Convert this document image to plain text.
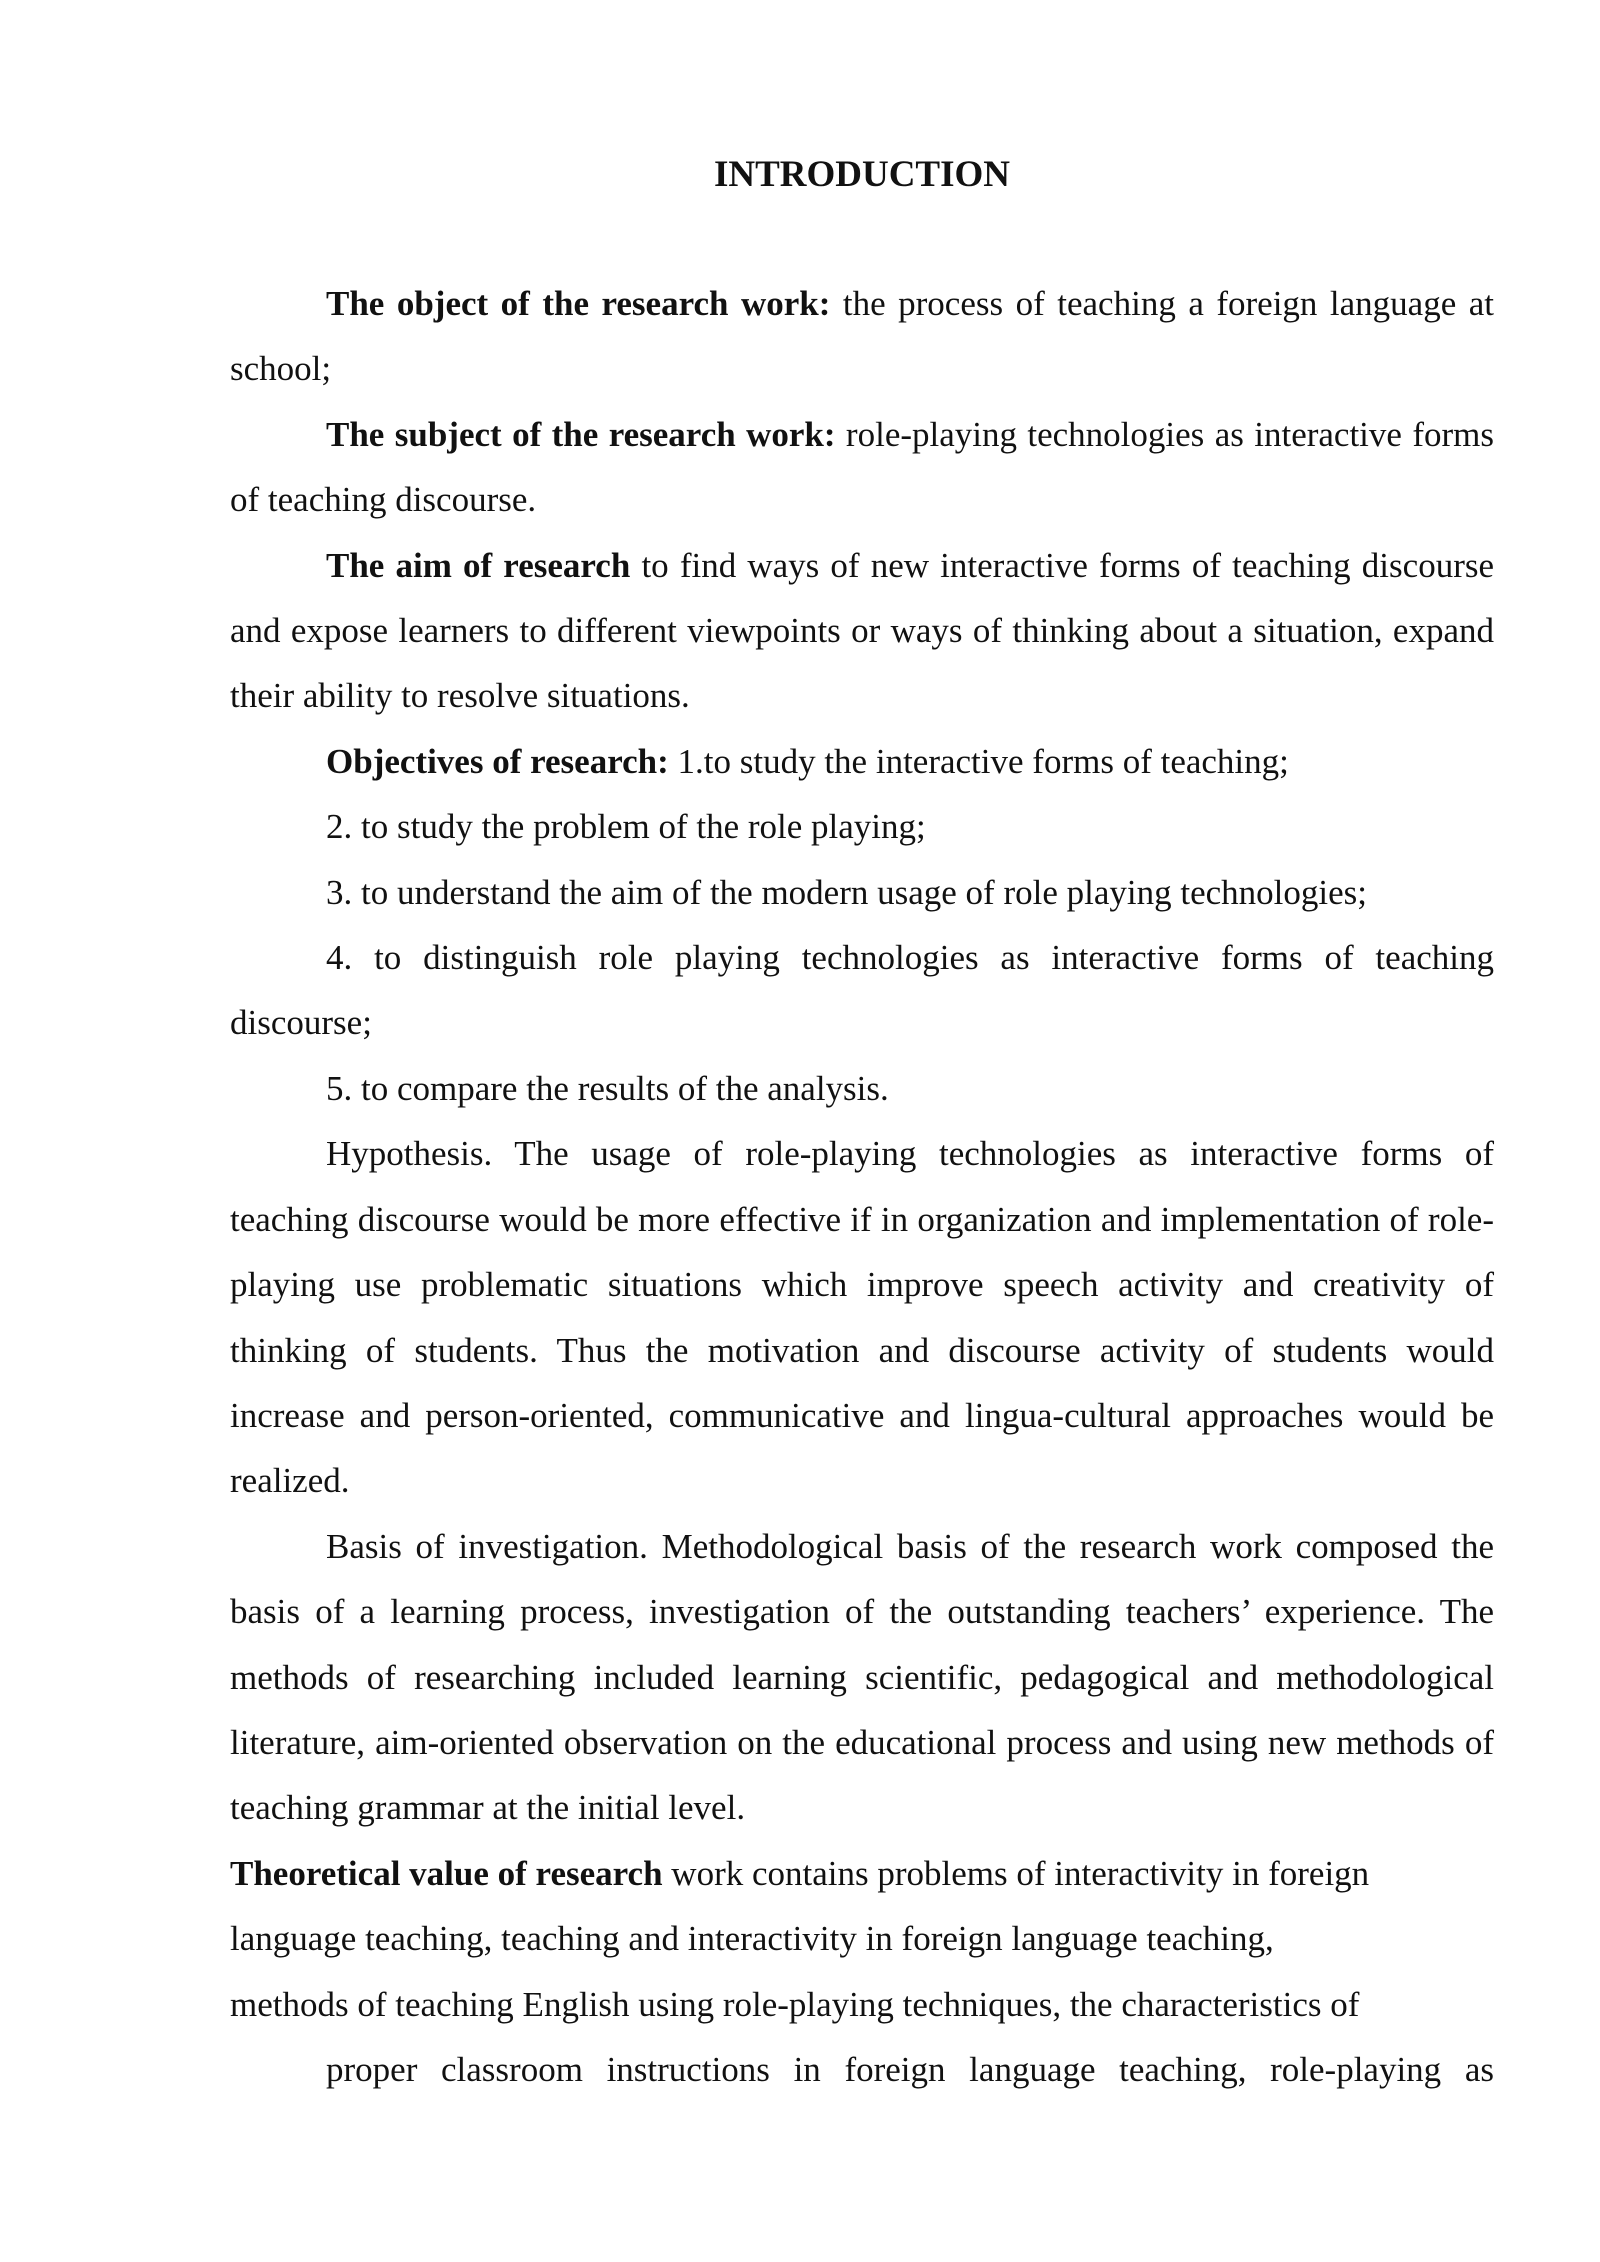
INTRODUCTION

The object of the research work: the process of teaching a foreign language at school;

The subject of the research work: role-playing technologies as interactive forms of teaching discourse.

The aim of research to find ways of new interactive forms of teaching discourse and expose learners to different viewpoints or ways of thinking about a situation, expand their ability to resolve situations.

Objectives of research: 1.to study the interactive forms of teaching;

2. to study the problem of the role playing;

3. to understand the aim of the modern usage of role playing technologies;

4. to distinguish role playing technologies as interactive forms of teaching discourse;

5. to compare the results of the analysis.

Hypothesis. The usage of role-playing technologies as interactive forms of teaching discourse would be more effective if in organization and implementation of role-playing use problematic situations which improve speech activity and creativity of thinking of students. Thus the motivation and discourse activity of students would increase and person-oriented, communicative and lingua-cultural approaches would be realized.

Basis of investigation. Methodological basis of the research work composed the basis of a learning process, investigation of the outstanding teachers’ experience. The methods of researching included learning scientific, pedagogical and methodological literature, aim-oriented observation on the educational process and using new methods of teaching grammar at the initial level.

Theoretical value of research work contains problems of interactivity in foreign language teaching, teaching and interactivity in foreign language teaching,

methods of teaching English using role-playing techniques, the characteristics of

proper classroom instructions in foreign language teaching, role-playing as
